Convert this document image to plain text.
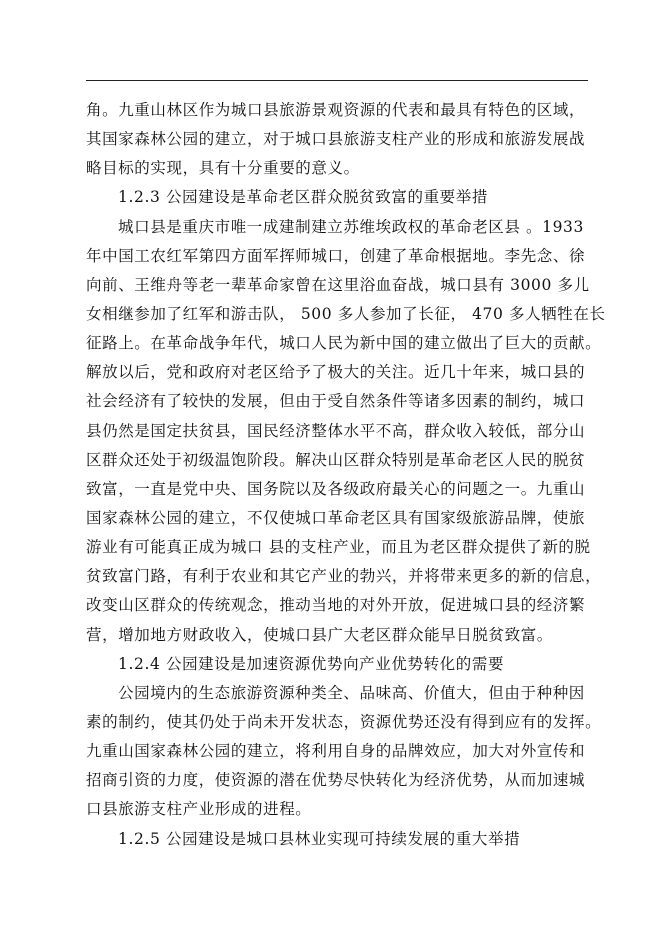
角。九重山林区作为城口县旅游景观资源的代表和最具有特色的区域，
其国家森林公园的建立，对于城口县旅游支柱产业的形成和旅游发展战
略目标的实现，具有十分重要的意义。
1.2.3 公园建设是革命老区群众脱贫致富的重要举措
城口县是重庆市唯一成建制建立苏维埃政权的革命老区县 。1933
年中国工农红军第四方面军挥师城口，创建了革命根据地。李先念、徐
向前、王维舟等老一辈革命家曾在这里浴血奋战，城口县有 3000 多儿
女相继参加了红军和游击队， 500 多人参加了长征， 470 多人牺牲在长
征路上。在革命战争年代，城口人民为新中国的建立做出了巨大的贡献。
解放以后，党和政府对老区给予了极大的关注。近几十年来，城口县的
社会经济有了较快的发展，但由于受自然条件等诸多因素的制约，城口
县仍然是国定扶贫县，国民经济整体水平不高，群众收入较低，部分山
区群众还处于初级温饱阶段。解决山区群众特别是革命老区人民的脱贫
致富，一直是党中央、国务院以及各级政府最关心的问题之一。九重山
国家森林公园的建立，不仅使城口革命老区具有国家级旅游品牌，使旅
游业有可能真正成为城口 县的支柱产业，而且为老区群众提供了新的脱
贫致富门路，有利于农业和其它产业的勃兴，并将带来更多的新的信息，
改变山区群众的传统观念，推动当地的对外开放，促进城口县的经济繁
营，增加地方财政收入，使城口县广大老区群众能早日脱贫致富。
1.2.4 公园建设是加速资源优势向产业优势转化的需要
公园境内的生态旅游资源种类全、品味高、价值大，但由于种种因
素的制约，使其仍处于尚未开发状态，资源优势还没有得到应有的发挥。
九重山国家森林公园的建立，将利用自身的品牌效应，加大对外宣传和
招商引资的力度，使资源的潜在优势尽快转化为经济优势，从而加速城
口县旅游支柱产业形成的进程。
1.2.5 公园建设是城口县林业实现可持续发展的重大举措
